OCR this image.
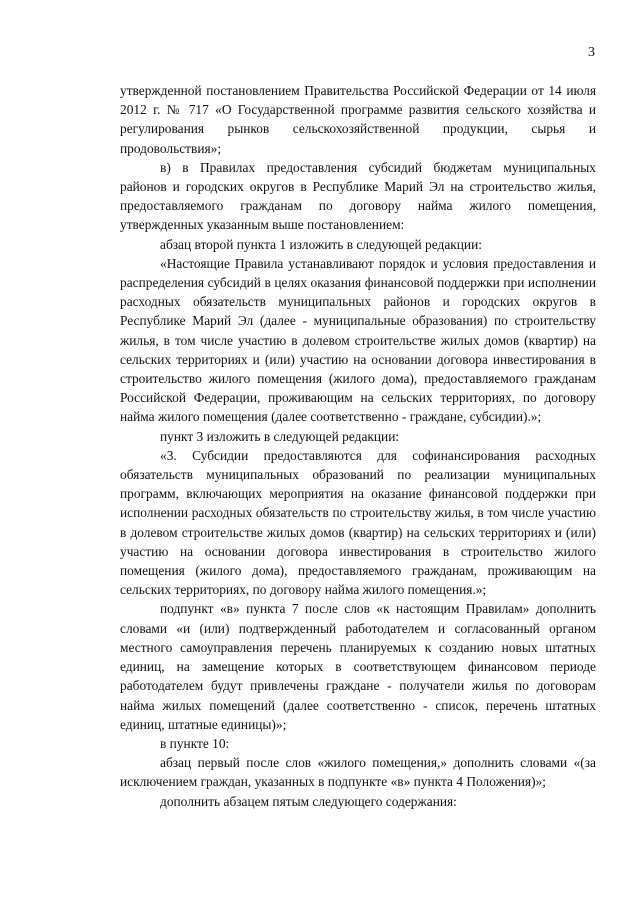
3

утвержденной постановлением Правительства Российской Федерации от 14 июля 2012 г. № 717 «О Государственной программе развития сельского хозяйства и регулирования рынков сельскохозяйственной продукции, сырья и продовольствия»;

в) в Правилах предоставления субсидий бюджетам муниципальных районов и городских округов в Республике Марий Эл на строительство жилья, предоставляемого гражданам по договору найма жилого помещения, утвержденных указанным выше постановлением:

абзац второй пункта 1 изложить в следующей редакции:

«Настоящие Правила устанавливают порядок и условия предоставления и распределения субсидий в целях оказания финансовой поддержки при исполнении расходных обязательств муниципальных районов и городских округов в Республике Марий Эл (далее - муниципальные образования) по строительству жилья, в том числе участию в долевом строительстве жилых домов (квартир) на сельских территориях и (или) участию на основании договора инвестирования в строительство жилого помещения (жилого дома), предоставляемого гражданам Российской Федерации, проживающим на сельских территориях, по договору найма жилого помещения (далее соответственно - граждане, субсидии).»;

пункт 3 изложить в следующей редакции:

«3. Субсидии предоставляются для софинансирования расходных обязательств муниципальных образований по реализации муниципальных программ, включающих мероприятия на оказание финансовой поддержки при исполнении расходных обязательств по строительству жилья, в том числе участию в долевом строительстве жилых домов (квартир) на сельских территориях и (или) участию на основании договора инвестирования в строительство жилого помещения (жилого дома), предоставляемого гражданам, проживающим на сельских территориях, по договору найма жилого помещения.»;

подпункт «в» пункта 7 после слов «к настоящим Правилам» дополнить словами «и (или) подтвержденный работодателем и согласованный органом местного самоуправления перечень планируемых к созданию новых штатных единиц, на замещение которых в соответствующем финансовом периоде работодателем будут привлечены граждане - получатели жилья по договорам найма жилых помещений (далее соответственно - список, перечень штатных единиц, штатные единицы)»;

в пункте 10:

абзац первый после слов «жилого помещения,» дополнить словами «(за исключением граждан, указанных в подпункте «в» пункта 4 Положения)»;

дополнить абзацем пятым следующего содержания:
